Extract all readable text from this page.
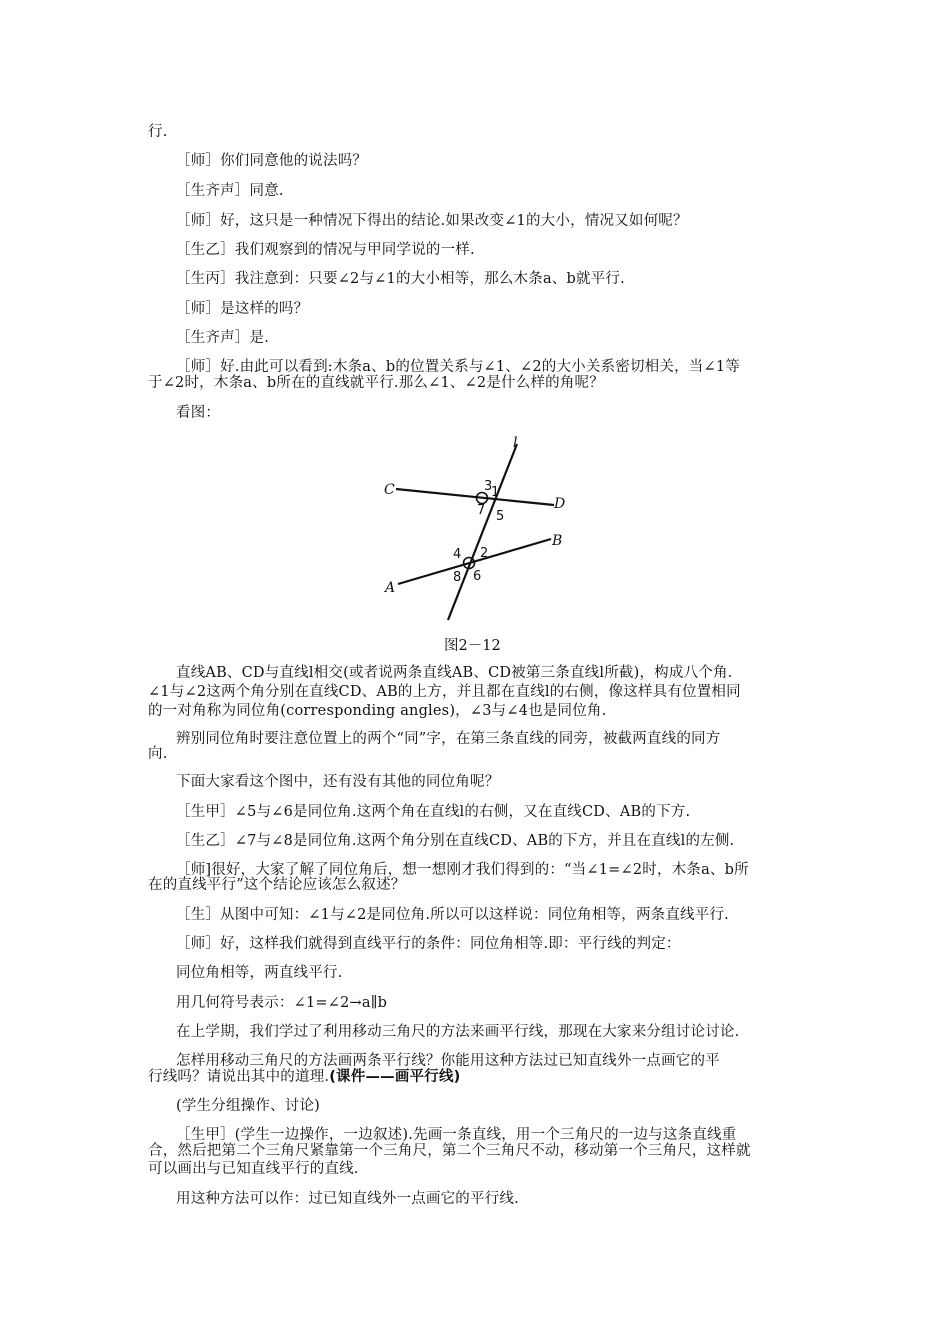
行.
［师］你们同意他的说法吗？
［生齐声］同意.
［师］好，这只是一种情况下得出的结论.如果改变∠1的大小，情况又如何呢？
［生乙］我们观察到的情况与甲同学说的一样.
［生丙］我注意到：只要∠2与∠1的大小相等，那么木条a、b就平行.
［师］是这样的吗？
［生齐声］是.
［师］好.由此可以看到:木条a、b的位置关系与∠1、∠2的大小关系密切相关，当∠1等
于∠2时，木条a、b所在的直线就平行.那么∠1、∠2是什么样的角呢？
看图：
l
C
D
A
B
1
2
3
4
5
6
7
8
图2－12
直线AB、CD与直线l相交(或者说两条直线AB、CD被第三条直线l所截)，构成八个角.
∠1与∠2这两个角分别在直线CD、AB的上方，并且都在直线l的右侧，像这样具有位置相同
的一对角称为同位角(corresponding angles)，∠3与∠4也是同位角.
辨别同位角时要注意位置上的两个“同”字，在第三条直线的同旁，被截两直线的同方
向.
下面大家看这个图中，还有没有其他的同位角呢？
［生甲］∠5与∠6是同位角.这两个角在直线l的右侧，又在直线CD、AB的下方.
［生乙］∠7与∠8是同位角.这两个角分别在直线CD、AB的下方，并且在直线l的左侧.
［师]很好，大家了解了同位角后，想一想刚才我们得到的：“当∠1=∠2时，木条a、b所
在的直线平行”这个结论应该怎么叙述？
［生］从图中可知：∠1与∠2是同位角.所以可以这样说：同位角相等，两条直线平行.
［师］好，这样我们就得到直线平行的条件：同位角相等.即：平行线的判定：
同位角相等，两直线平行.
用几何符号表示：∠1=∠2→a∥b
在上学期，我们学过了利用移动三角尺的方法来画平行线，那现在大家来分组讨论讨论.
怎样用移动三角尺的方法画两条平行线？你能用这种方法过已知直线外一点画它的平
行线吗？请说出其中的道理.(课件——画平行线)
(学生分组操作、讨论)
［生甲］(学生一边操作，一边叙述).先画一条直线，用一个三角尺的一边与这条直线重
合，然后把第二个三角尺紧靠第一个三角尺，第二个三角尺不动，移动第一个三角尺，这样就
可以画出与已知直线平行的直线.
用这种方法可以作：过已知直线外一点画它的平行线.
